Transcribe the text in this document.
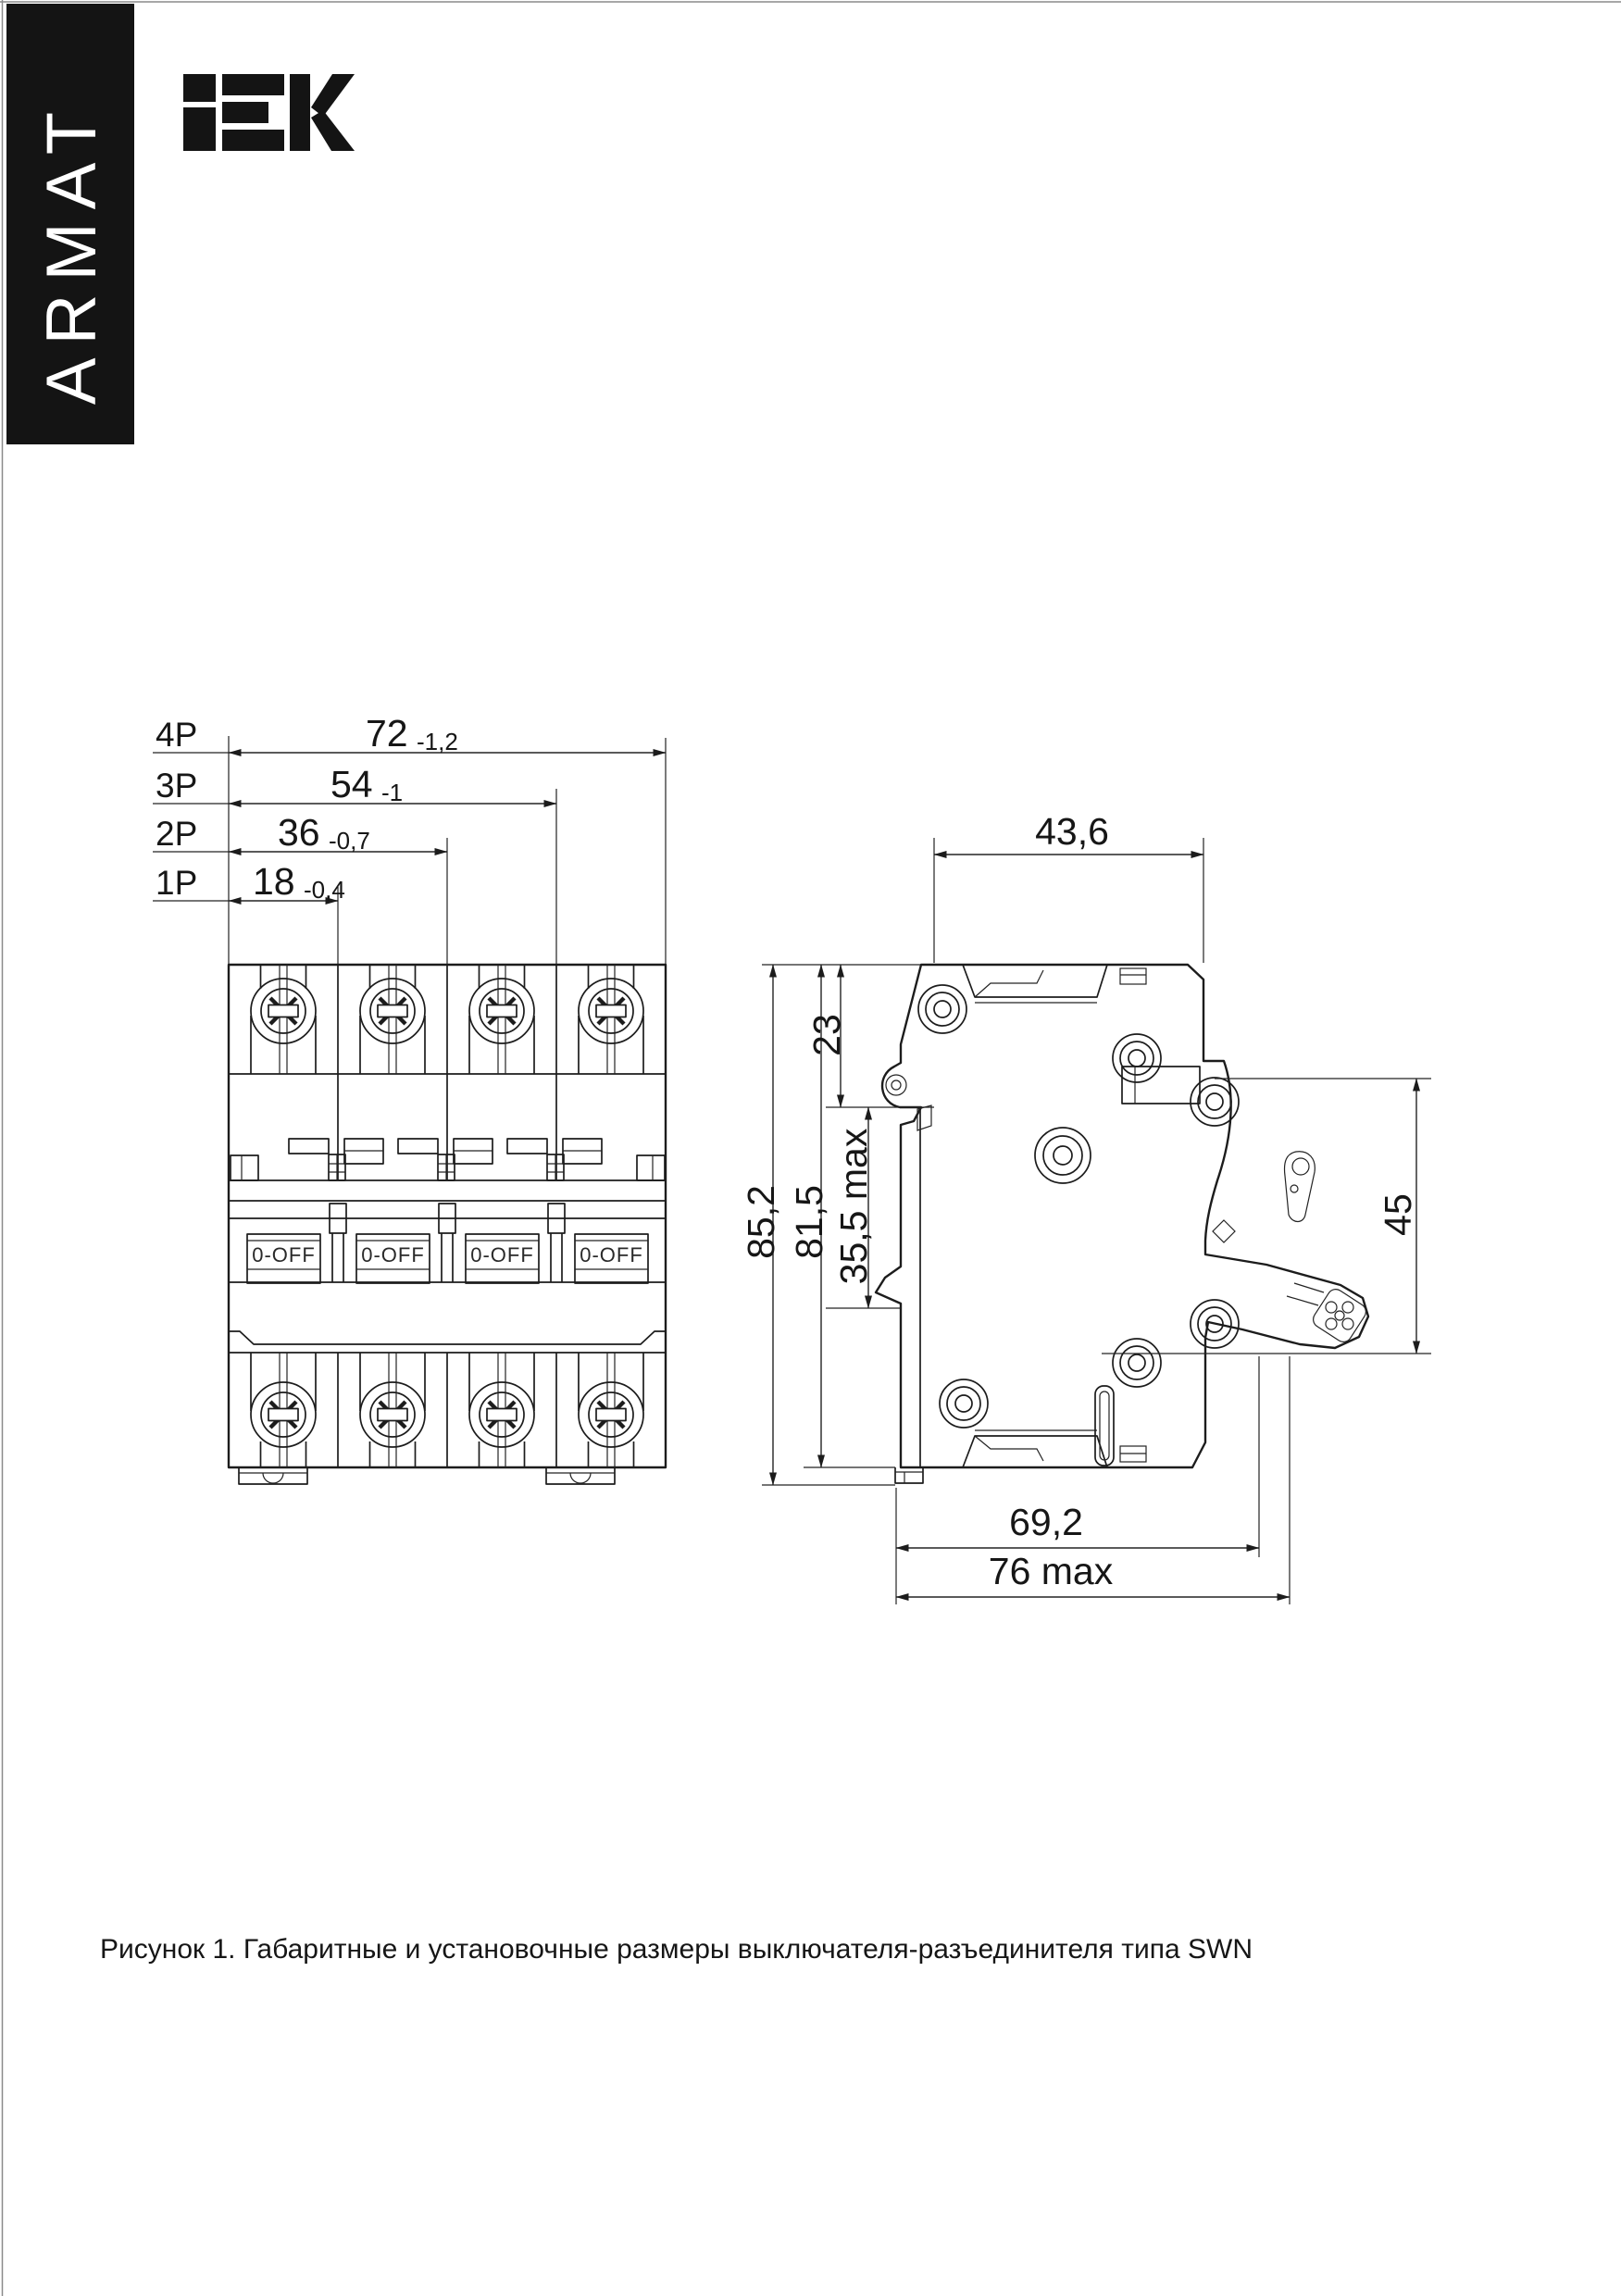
ARMAT
4P
3P
2P
1P
72 -1,2
54 -1
36 -0,7
18 -0,4
0-OFF 0-OFF 0-OFF 0-OFF
43,6
85,2 81,5
23
35,5 max	45
69,2
76 max
Рисунок 1. Габаритные и установочные размеры выключателя-разъединителя типа SWN
